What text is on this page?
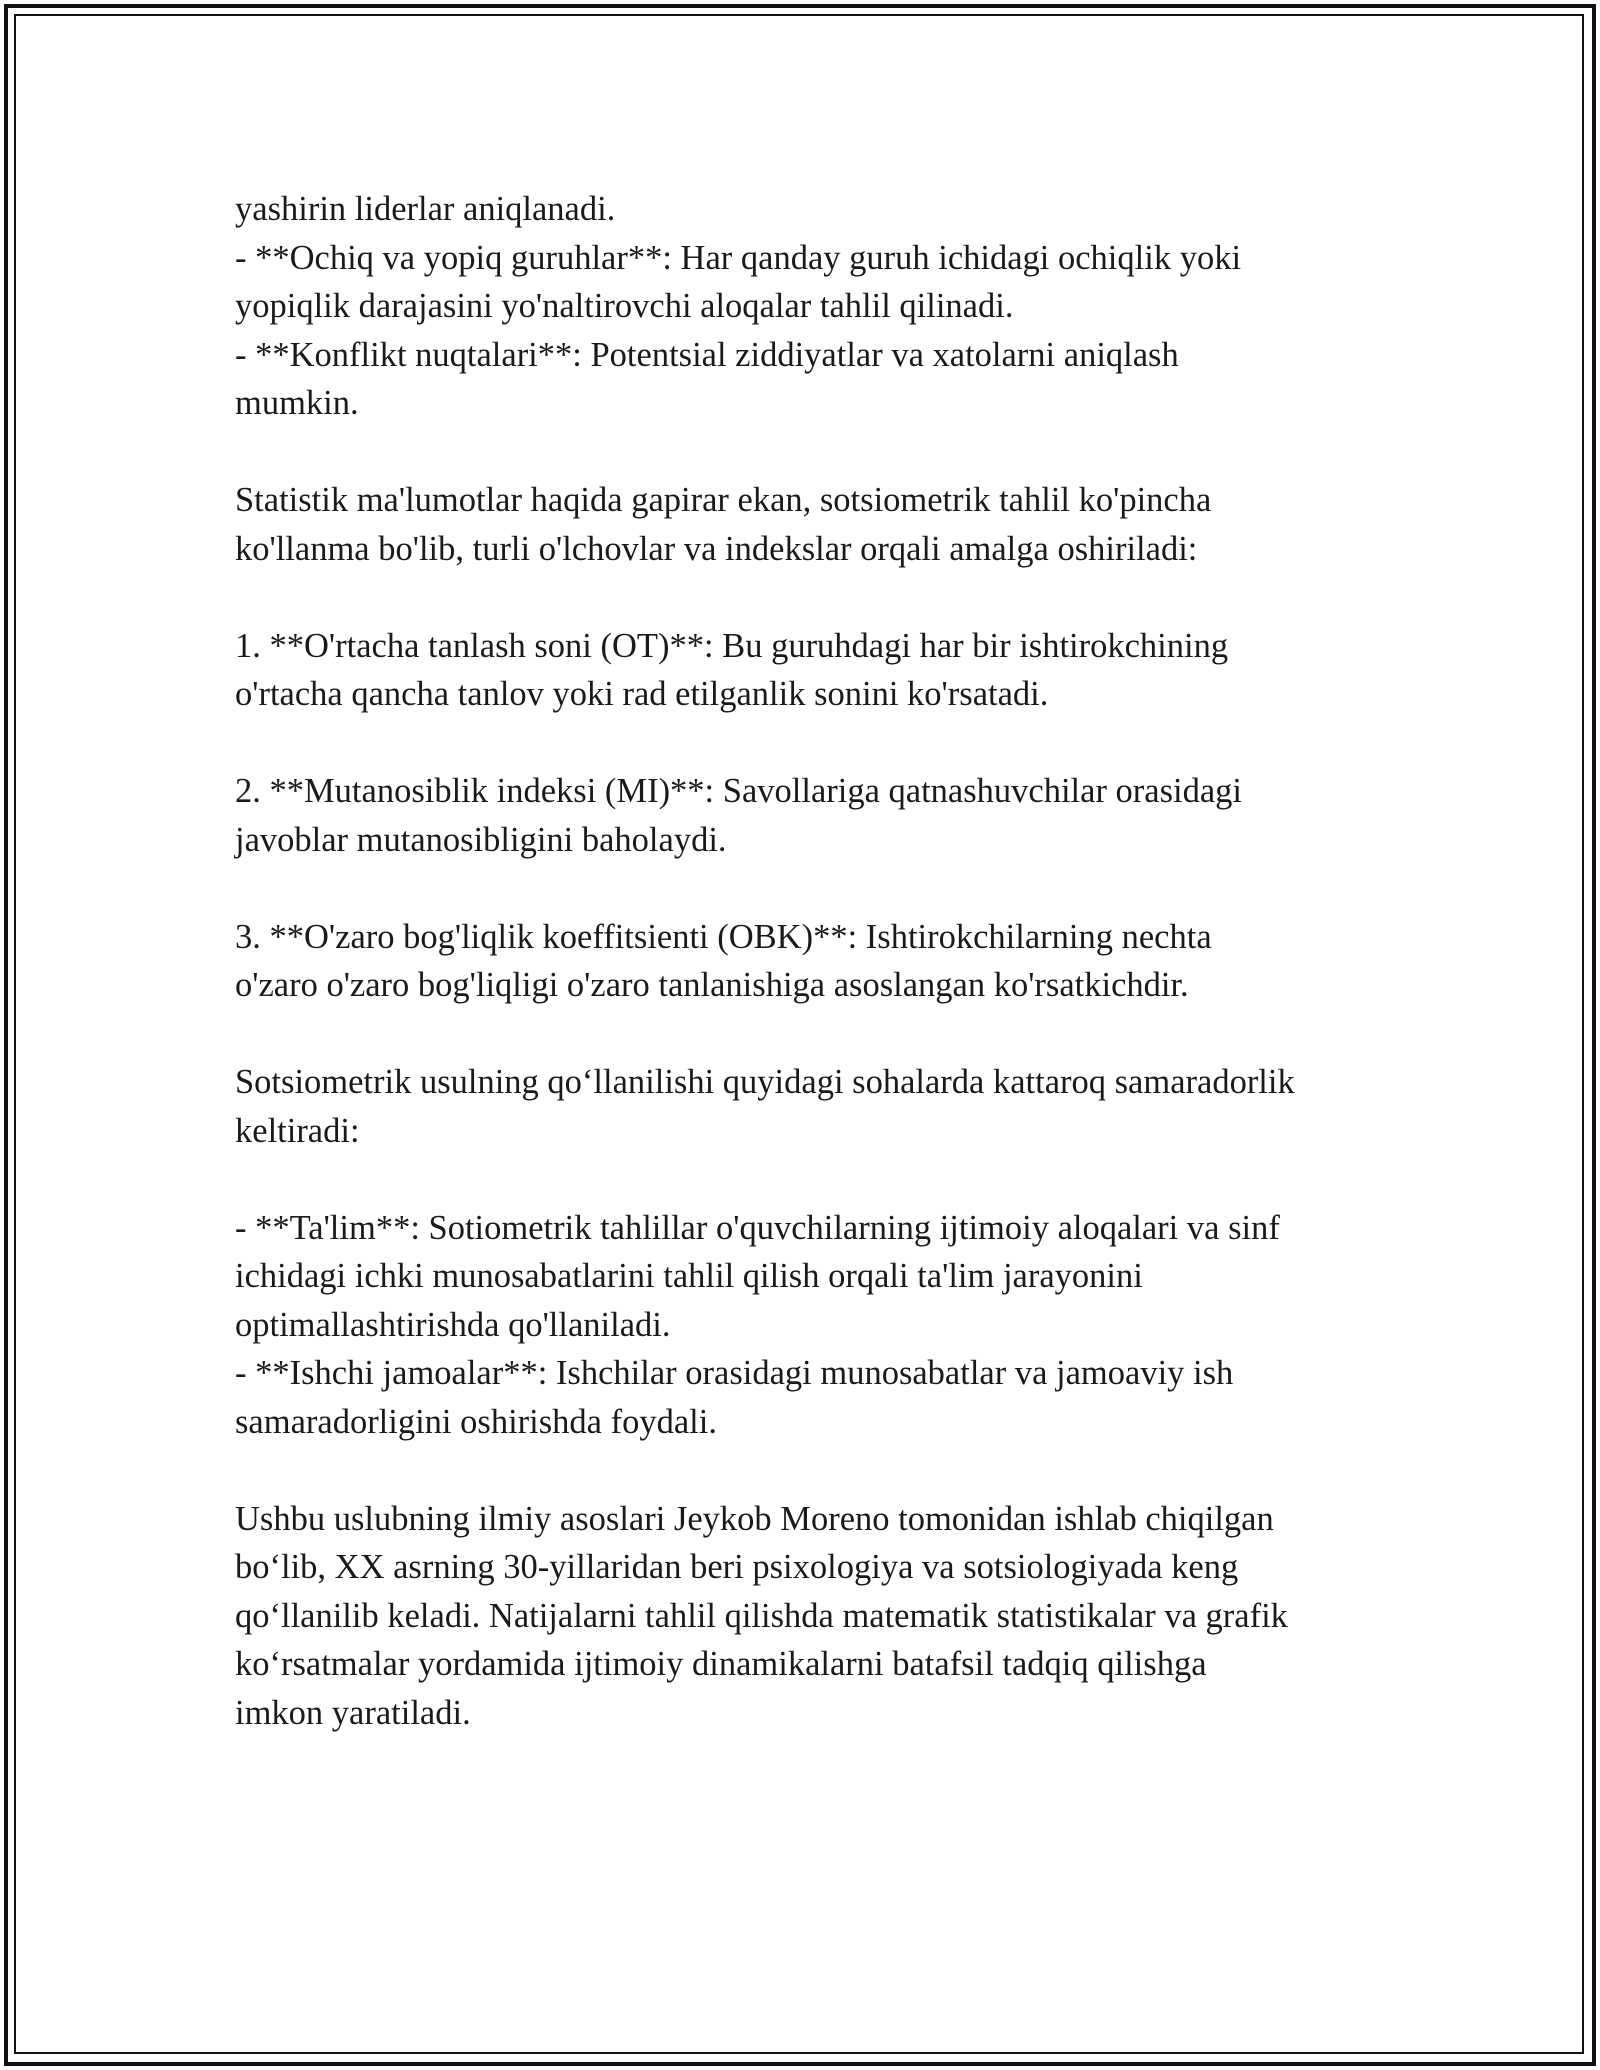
yashirin liderlar aniqlanadi.
- **Ochiq va yopiq guruhlar**: Har qanday guruh ichidagi ochiqlik yoki
yopiqlik darajasini yo'naltirovchi aloqalar tahlil qilinadi.
- **Konflikt nuqtalari**: Potentsial ziddiyatlar va xatolarni aniqlash
mumkin.
Statistik ma'lumotlar haqida gapirar ekan, sotsiometrik tahlil ko'pincha
ko'llanma bo'lib, turli o'lchovlar va indekslar orqali amalga oshiriladi:
1. **O'rtacha tanlash soni (OT)**: Bu guruhdagi har bir ishtirokchining
o'rtacha qancha tanlov yoki rad etilganlik sonini ko'rsatadi.
2. **Mutanosiblik indeksi (MI)**: Savollariga qatnashuvchilar orasidagi
javoblar mutanosibligini baholaydi.
3. **O'zaro bog'liqlik koeffitsienti (OBK)**: Ishtirokchilarning nechta
o'zaro o'zaro bog'liqligi o'zaro tanlanishiga asoslangan ko'rsatkichdir.
Sotsiometrik usulning qo‘llanilishi quyidagi sohalarda kattaroq samaradorlik
keltiradi:
- **Ta'lim**: Sotiometrik tahlillar o'quvchilarning ijtimoiy aloqalari va sinf
ichidagi ichki munosabatlarini tahlil qilish orqali ta'lim jarayonini
optimallashtirishda qo'llaniladi.
- **Ishchi jamoalar**: Ishchilar orasidagi munosabatlar va jamoaviy ish
samaradorligini oshirishda foydali.
Ushbu uslubning ilmiy asoslari Jeykob Moreno tomonidan ishlab chiqilgan
bo‘lib, XX asrning 30-yillaridan beri psixologiya va sotsiologiyada keng
qo‘llanilib keladi. Natijalarni tahlil qilishda matematik statistikalar va grafik
ko‘rsatmalar yordamida ijtimoiy dinamikalarni batafsil tadqiq qilishga
imkon yaratiladi.
